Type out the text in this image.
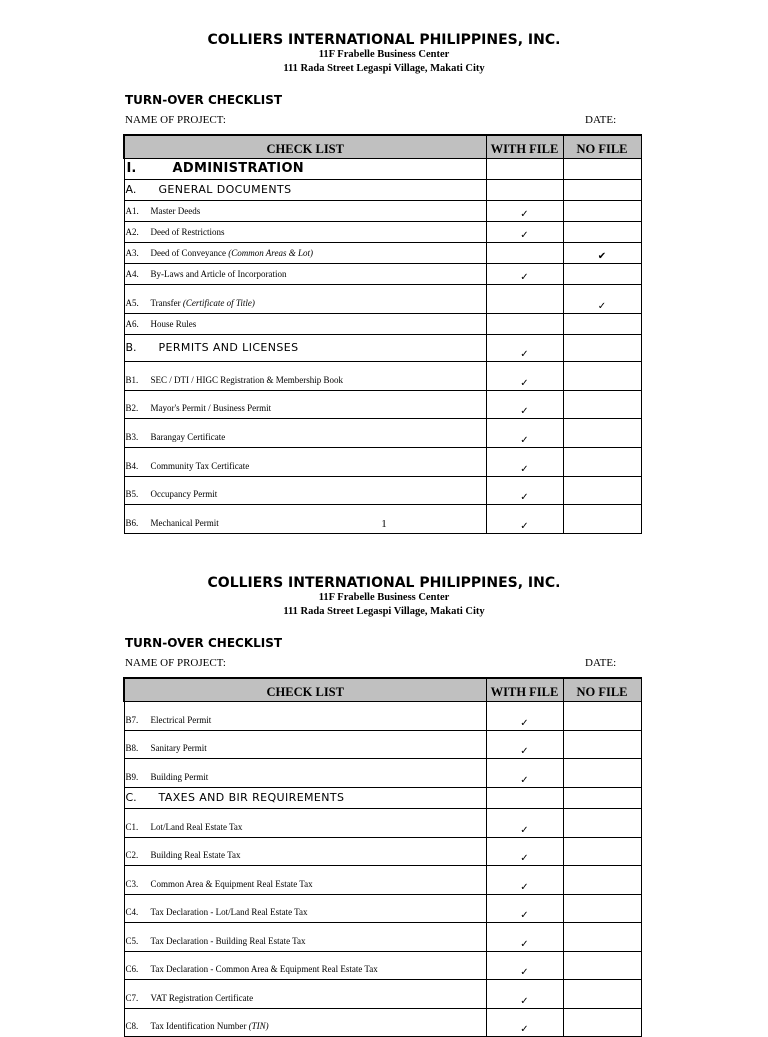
COLLIERS INTERNATIONAL PHILIPPINES, INC.
11F Frabelle Business Center
111 Rada Street Legaspi Village, Makati City
TURN-OVER CHECKLIST
NAME OF PROJECT:	DATE:
CHECK LIST	WITH FILE	NO FILE
I. ADMINISTRATION		
A. GENERAL DOCUMENTS		
A1. Master Deeds	✓	
A2. Deed of Restrictions	✓	
A3. Deed of Conveyance (Common Areas & Lot)		✔
A4. By-Laws and Article of Incorporation	✓	
A5. Transfer (Certificate of Title)		✓
A6. House Rules		
B. PERMITS AND LICENSES	✓	
B1. SEC / DTI / HIGC Registration & Membership Book	✓	
B2. Mayor's Permit / Business Permit	✓	
B3. Barangay Certificate	✓	
B4. Community Tax Certificate	✓	
B5. Occupancy Permit	✓	
B6. Mechanical Permit	✓	
1
COLLIERS INTERNATIONAL PHILIPPINES, INC.
11F Frabelle Business Center
111 Rada Street Legaspi Village, Makati City
TURN-OVER CHECKLIST
NAME OF PROJECT:	DATE:
CHECK LIST	WITH FILE	NO FILE
B7. Electrical Permit	✓	
B8. Sanitary Permit	✓	
B9. Building Permit	✓	
C. TAXES AND BIR REQUIREMENTS		
C1. Lot/Land Real Estate Tax	✓	
C2. Building Real Estate Tax	✓	
C3. Common Area & Equipment Real Estate Tax	✓	
C4. Tax Declaration - Lot/Land Real Estate Tax	✓	
C5. Tax Declaration - Building Real Estate Tax	✓	
C6. Tax Declaration - Common Area & Equipment Real Estate Tax	✓	
C7. VAT Registration Certificate	✓	
C8. Tax Identification Number (TIN)	✓	
